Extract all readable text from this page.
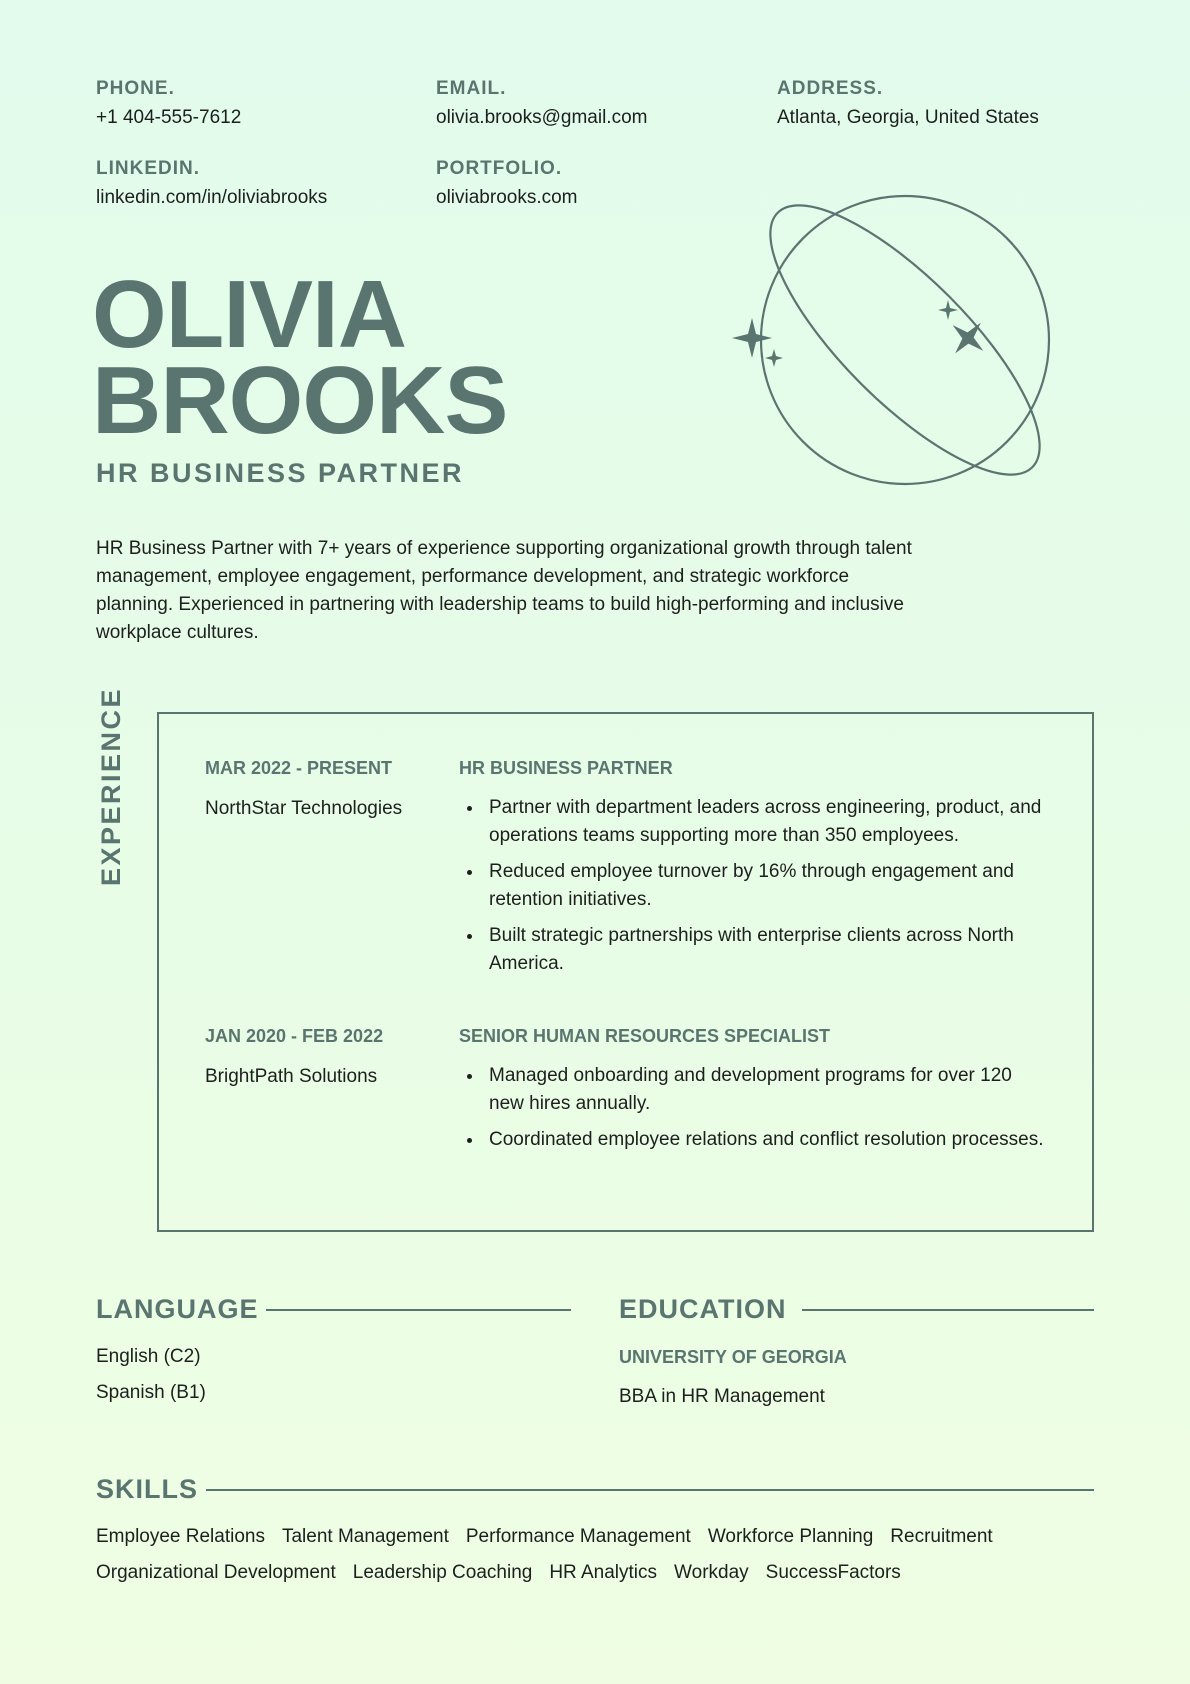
PHONE.
+1 404-555-7612
EMAIL.
olivia.brooks@gmail.com
ADDRESS.
Atlanta, Georgia, United States
LINKEDIN.
linkedin.com/in/oliviabrooks
PORTFOLIO.
oliviabrooks.com
OLIVIA
BROOKS
HR BUSINESS PARTNER

HR Business Partner with 7+ years of experience supporting organizational growth through talent management, employee engagement, performance development, and strategic workforce planning. Experienced in partnering with leadership teams to build high-performing and inclusive workplace cultures.

EXPERIENCE	MAR 2022 - PRESENT
NorthStar Technologies
HR BUSINESS PARTNER
Partner with department leaders across engineering, product, and operations teams supporting more than 350 employees.
Reduced employee turnover by 16% through engagement and retention initiatives.
Built strategic partnerships with enterprise clients across North America.
JAN 2020 - FEB 2022
BrightPath Solutions
SENIOR HUMAN RESOURCES SPECIALIST
Managed onboarding and development programs for over 120 new hires annually.
Coordinated employee relations and conflict resolution processes.
LANGUAGE
English (C2)
Spanish (B1)
EDUCATION
UNIVERSITY OF GEORGIA
BBA in HR Management
SKILLS
Employee Relations Talent Management Performance Management Workforce Planning Recruitment
Organizational Development Leadership Coaching HR Analytics Workday SuccessFactors
